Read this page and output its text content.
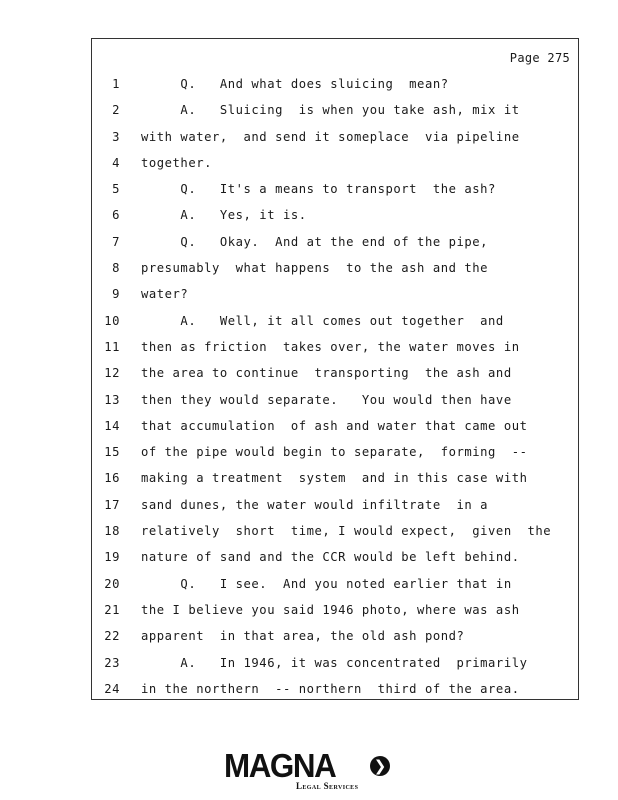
Page 275
1 Q.   And what does sluicing  mean?
2 A.   Sluicing  is when you take ash, mix it
3 with water,  and send it someplace  via pipeline
4 together.
5 Q.   It's a means to transport  the ash?
6 A.   Yes, it is.
7 Q.   Okay.  And at the end of the pipe,
8 presumably  what happens  to the ash and the
9 water?
10 A.   Well, it all comes out together  and
11 then as friction  takes over, the water moves in
12 the area to continue  transporting  the ash and
13 then they would separate.   You would then have
14 that accumulation  of ash and water that came out
15 of the pipe would begin to separate,  forming  --
16 making a treatment  system  and in this case with
17 sand dunes, the water would infiltrate  in a
18 relatively  short  time, I would expect,  given  the
19 nature of sand and the CCR would be left behind.
20 Q.   I see.  And you noted earlier that in
21 the I believe you said 1946 photo, where was ash
22 apparent  in that area, the old ash pond?
23 A.   In 1946, it was concentrated  primarily
24 in the northern  -- northern  third of the area.
MAGNA	❯
Legal Services
